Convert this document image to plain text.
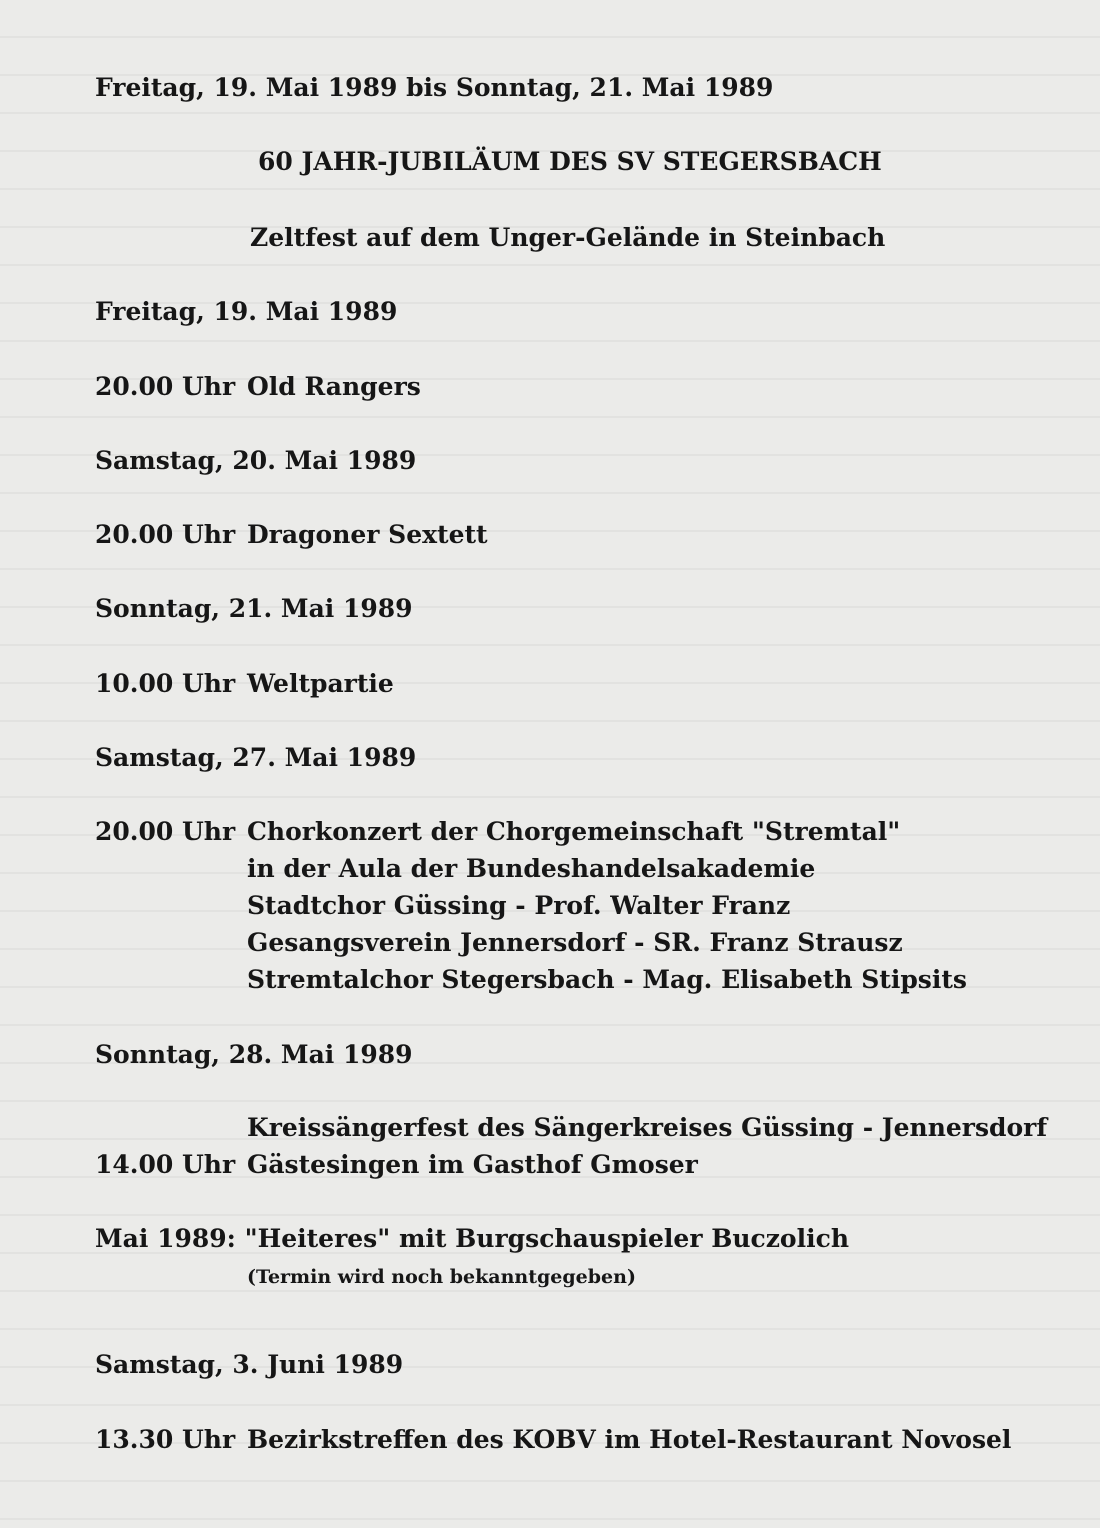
Freitag, 19. Mai 1989 bis Sonntag, 21. Mai 1989
60 JAHR-JUBILÄUM DES SV STEGERSBACH
Zeltfest auf dem Unger-Gelände in Steinbach
Freitag, 19. Mai 1989
20.00 Uhr Old Rangers
Samstag, 20. Mai 1989
20.00 Uhr Dragoner Sextett
Sonntag, 21. Mai 1989
10.00 Uhr Weltpartie
Samstag, 27. Mai 1989
20.00 Uhr Chorkonzert der Chorgemeinschaft "Stremtal"
in der Aula der Bundeshandelsakademie
Stadtchor Güssing - Prof. Walter Franz
Gesangsverein Jennersdorf - SR. Franz Strausz
Stremtalchor Stegersbach - Mag. Elisabeth Stipsits
Sonntag, 28. Mai 1989
Kreissängerfest des Sängerkreises Güssing - Jennersdorf
14.00 Uhr Gästesingen im Gasthof Gmoser
Mai 1989: "Heiteres" mit Burgschauspieler Buczolich
(Termin wird noch bekanntgegeben)
Samstag, 3. Juni 1989
13.30 Uhr Bezirkstreffen des KOBV im Hotel-Restaurant Novosel
